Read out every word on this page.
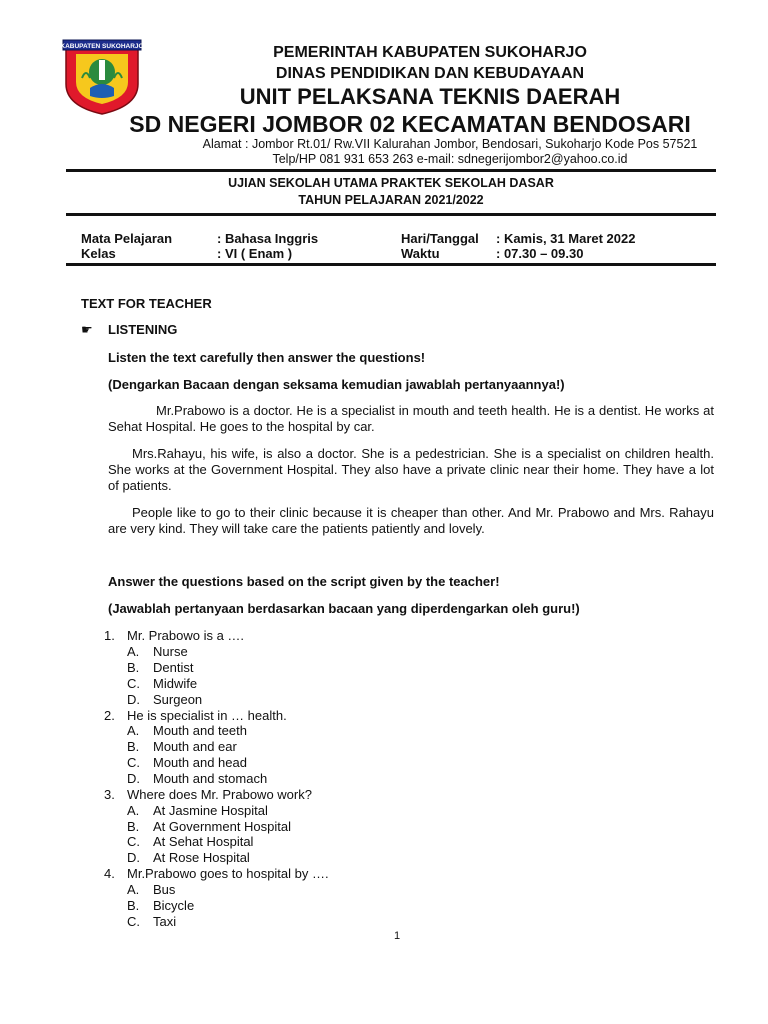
KABUPATEN SUKOHARJO	PEMERINTAH KABUPATEN SUKOHARJO
DINAS PENDIDIKAN DAN KEBUDAYAAN
UNIT PELAKSANA TEKNIS DAERAH
SD NEGERI JOMBOR 02 KECAMATAN BENDOSARI
Alamat : Jombor Rt.01/ Rw.VII Kalurahan Jombor, Bendosari, Sukoharjo Kode Pos 57521
Telp/HP 081 931 653 263 e-mail: sdnegerijombor2@yahoo.co.id
UJIAN SEKOLAH UTAMA PRAKTEK SEKOLAH DASAR
TAHUN PELAJARAN 2021/2022
Mata Pelajaran	: Bahasa Inggris	Hari/Tanggal : Kamis, 31 Maret 2022
Kelas	: VI ( Enam )	Waktu	: 07.30 – 09.30
TEXT FOR TEACHER
☛ LISTENING
Listen the text carefully then answer the questions!
(Dengarkan Bacaan dengan seksama kemudian jawablah pertanyaannya!)
Mr.Prabowo is a doctor. He is a specialist in mouth and teeth health. He is a dentist. He works at Sehat Hospital. He goes to the hospital by car.
Mrs.Rahayu, his wife, is also a doctor. She is a pedestrician. She is a specialist on children health. She works at the Government Hospital. They also have a private clinic near their home. They have a lot of patients.
People like to go to their clinic because it is cheaper than other. And Mr. Prabowo and Mrs. Rahayu are very kind. They will take care the patients patiently and lovely.
Answer the questions based on the script given by the teacher!
(Jawablah pertanyaan berdasarkan bacaan yang diperdengarkan oleh guru!)
1. Mr. Prabowo is a ….
A. Nurse
B. Dentist
C. Midwife
D. Surgeon
2. He is specialist in … health.
A. Mouth and teeth
B. Mouth and ear
C. Mouth and head
D. Mouth and stomach
3. Where does Mr. Prabowo work?
A. At Jasmine Hospital
B. At Government Hospital
C. At Sehat Hospital
D. At Rose Hospital
4. Mr.Prabowo goes to hospital by ….
A. Bus
B. Bicycle
C. Taxi
1
